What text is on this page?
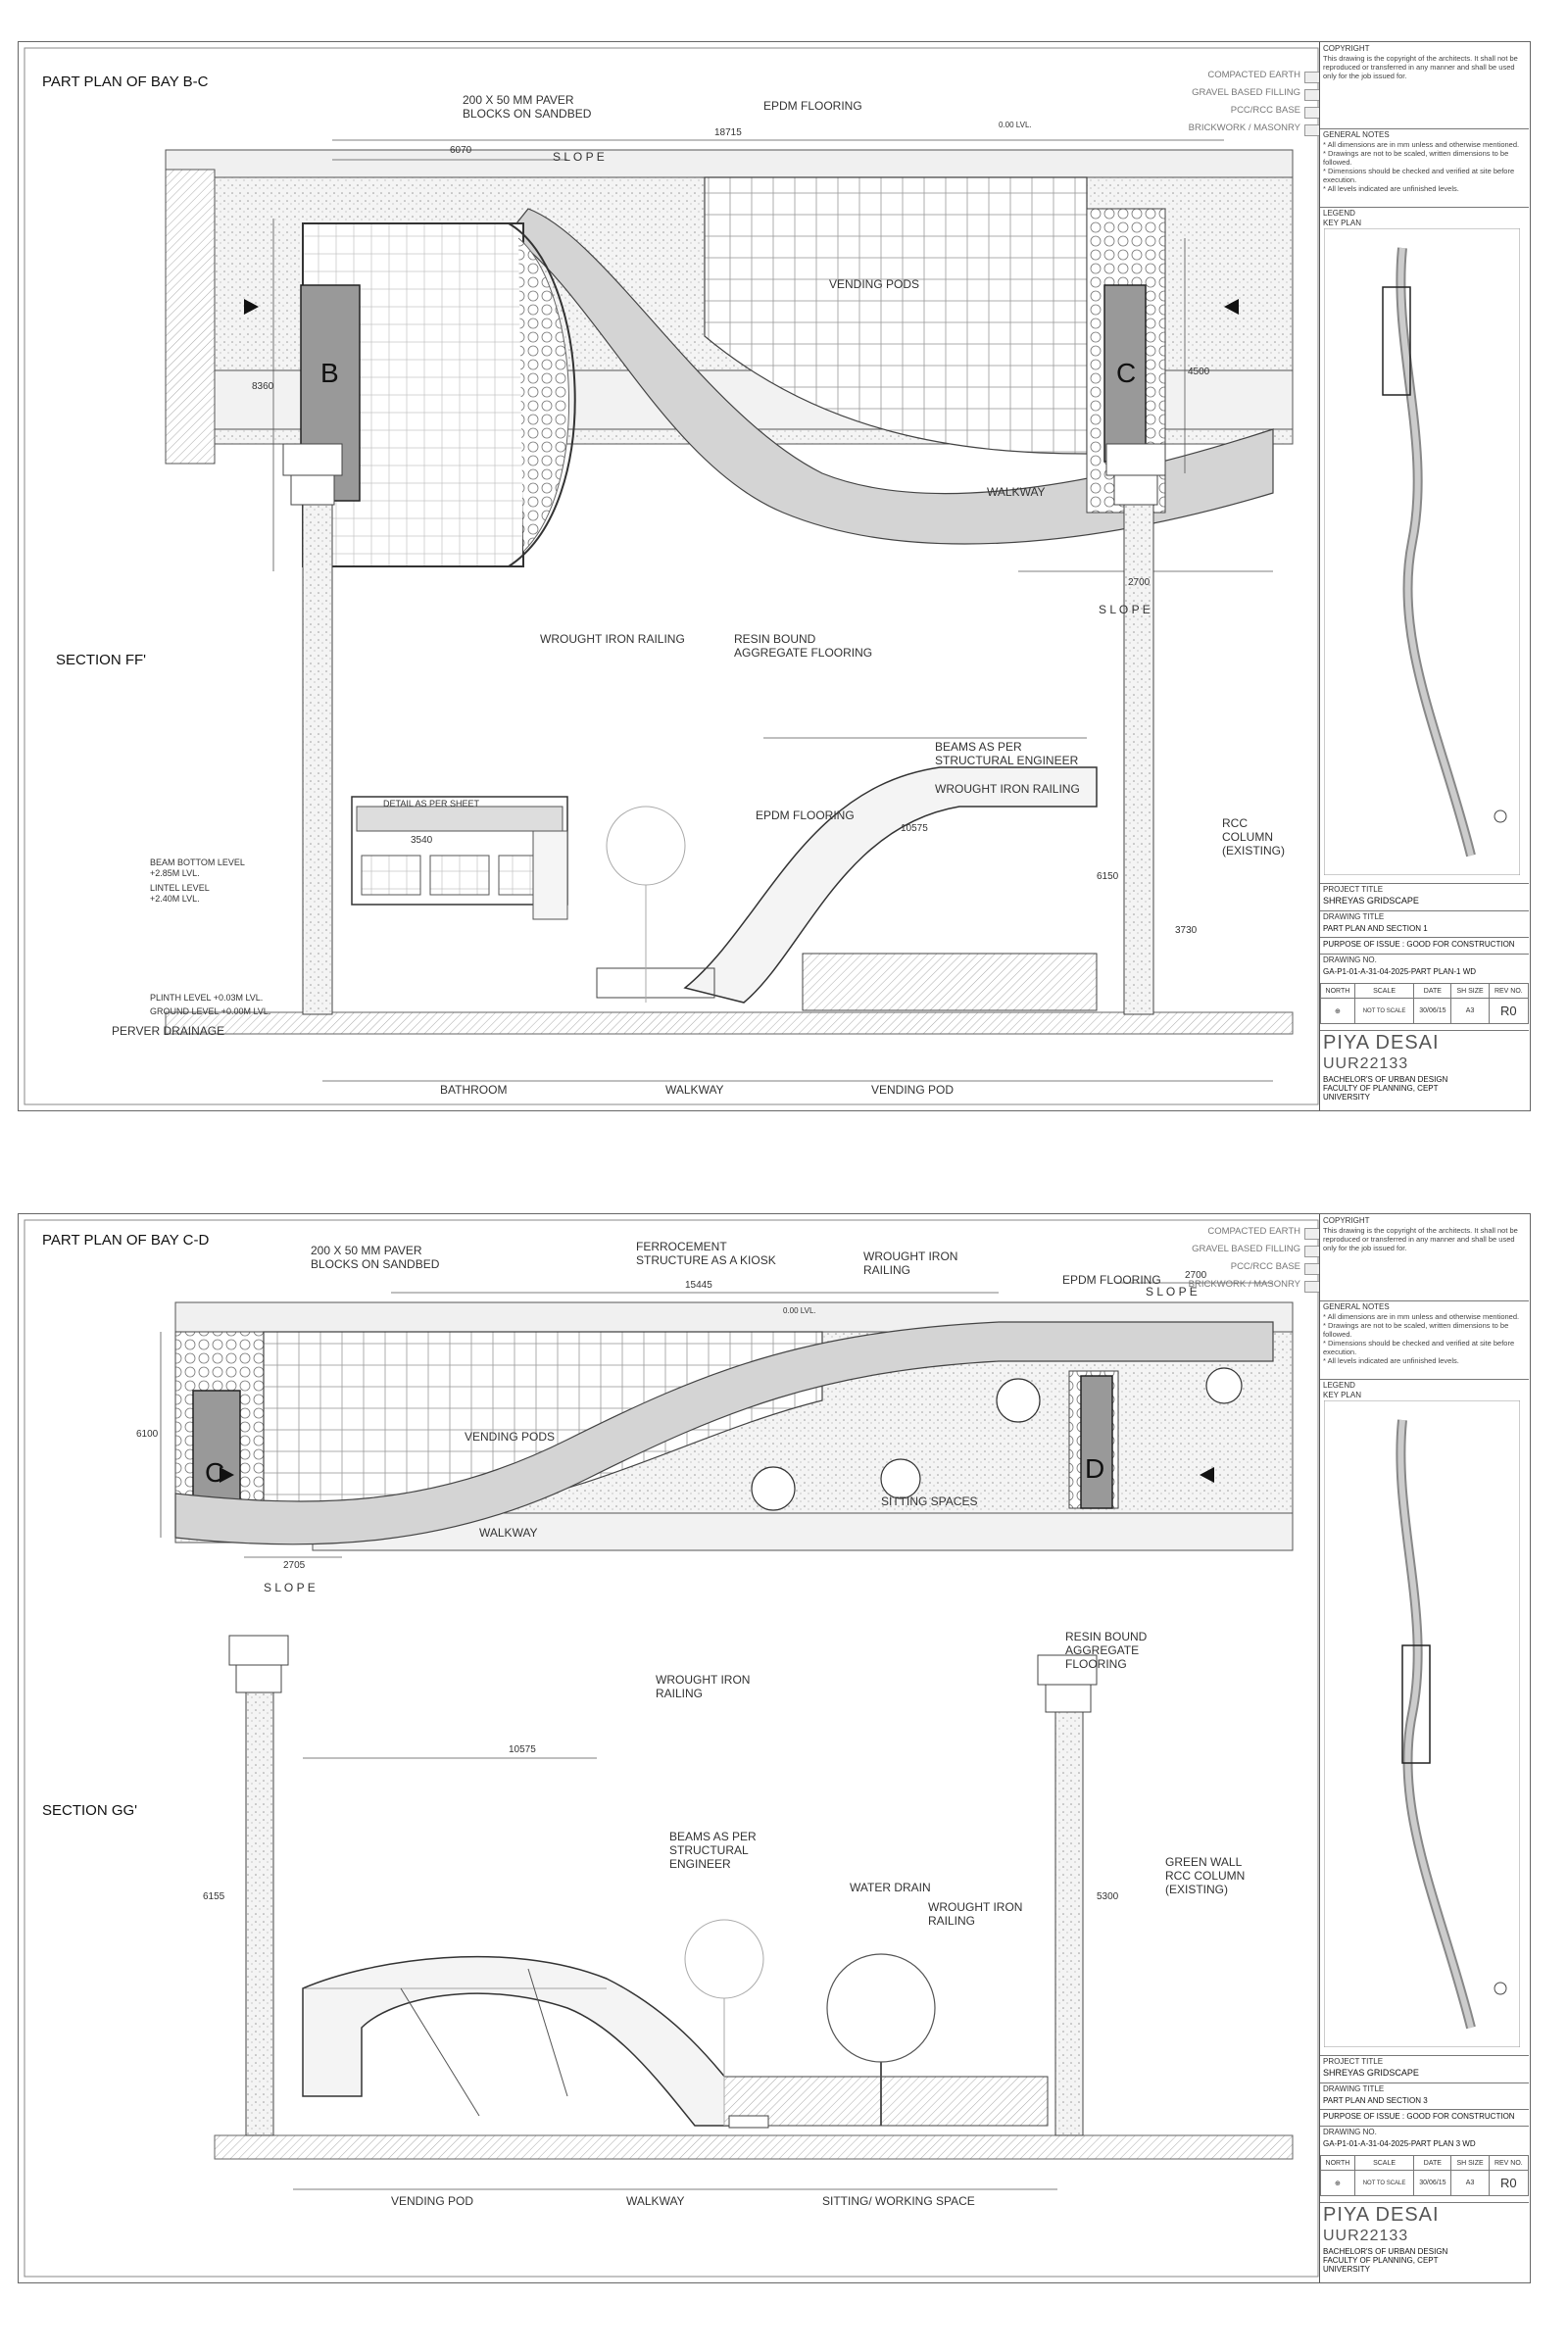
PART PLAN OF BAY B-C
SECTION FF'
200 X 50 MM PAVER
BLOCKS ON SANDBED
EPDM FLOORING
VENDING PODS
WALKWAY
WROUGHT IRON RAILING	RESIN BOUND
AGGREGATE FLOORING
S L O P E
S L O P E
B	C
18715
6070
2700
8360
4500
0.00 LVL.
BEAMS AS PER
STRUCTURAL ENGINEER
WROUGHT IRON RAILING
EPDM FLOORING
RCC
COLUMN
(EXISTING)
DETAIL AS PER SHEET
BEAM BOTTOM LEVEL
+2.85M LVL.
LINTEL LEVEL
+2.40M LVL.
PLINTH LEVEL +0.03M LVL.
GROUND LEVEL +0.00M LVL.
PERVER DRAINAGE
BATHROOM	WALKWAY	VENDING POD
10575
3540
3730
6150
COMPACTED EARTH
GRAVEL BASED FILLING
PCC/RCC BASE
BRICKWORK / MASONRY
COPYRIGHT
This drawing is the copyright of the architects. It shall not be reproduced or transferred in any manner and shall be used only for the job issued for.
GENERAL NOTES
* All dimensions are in mm unless and otherwise mentioned.
* Drawings are not to be scaled, written dimensions to be followed.
* Dimensions should be checked and verified at site before execution.
* All levels indicated are unfinished levels.
LEGEND
KEY PLAN
PROJECT TITLE
SHREYAS GRIDSCAPE
DRAWING TITLE
PART PLAN AND SECTION 1
PURPOSE OF ISSUE : GOOD FOR CONSTRUCTION
DRAWING NO.
GA-P1-01-A-31-04-2025-PART PLAN-1 WD
NORTH	SCALE	DATE	SH SIZE	REV NO.
⊕	NOT TO SCALE	30/06/15	A3	R0
PIYA DESAI
UUR22133
BACHELOR'S OF URBAN DESIGN
FACULTY OF PLANNING, CEPT
UNIVERSITY
PART PLAN OF BAY C-D
SECTION GG'
200 X 50 MM PAVER
BLOCKS ON SANDBED
FERROCEMENT
STRUCTURE AS A KIOSK	WROUGHT IRON
RAILING
EPDM FLOORING
VENDING PODS
WALKWAY
SITTING SPACES
RESIN BOUND
AGGREGATE
FLOORING
WROUGHT IRON
RAILING
S L O P E
S L O P E
C	D
15445
6100
2705
2700
0.00 LVL.
BEAMS AS PER
STRUCTURAL
ENGINEER
WATER DRAIN
WROUGHT IRON
RAILING
GREEN WALL
RCC COLUMN
(EXISTING)
VENDING POD	WALKWAY	SITTING/ WORKING SPACE
10575
6155	5300
COMPACTED EARTH
GRAVEL BASED FILLING
PCC/RCC BASE
BRICKWORK / MASONRY
COPYRIGHT
This drawing is the copyright of the architects. It shall not be reproduced or transferred in any manner and shall be used only for the job issued for.
GENERAL NOTES
* All dimensions are in mm unless and otherwise mentioned.
* Drawings are not to be scaled, written dimensions to be followed.
* Dimensions should be checked and verified at site before execution.
* All levels indicated are unfinished levels.
LEGEND
KEY PLAN
PROJECT TITLE
SHREYAS GRIDSCAPE
DRAWING TITLE
PART PLAN AND SECTION 3
PURPOSE OF ISSUE : GOOD FOR CONSTRUCTION
DRAWING NO.
GA-P1-01-A-31-04-2025-PART PLAN 3 WD
NORTH	SCALE	DATE	SH SIZE	REV NO.
⊕	NOT TO SCALE	30/06/15	A3	R0
PIYA DESAI
UUR22133
BACHELOR'S OF URBAN DESIGN
FACULTY OF PLANNING, CEPT
UNIVERSITY
